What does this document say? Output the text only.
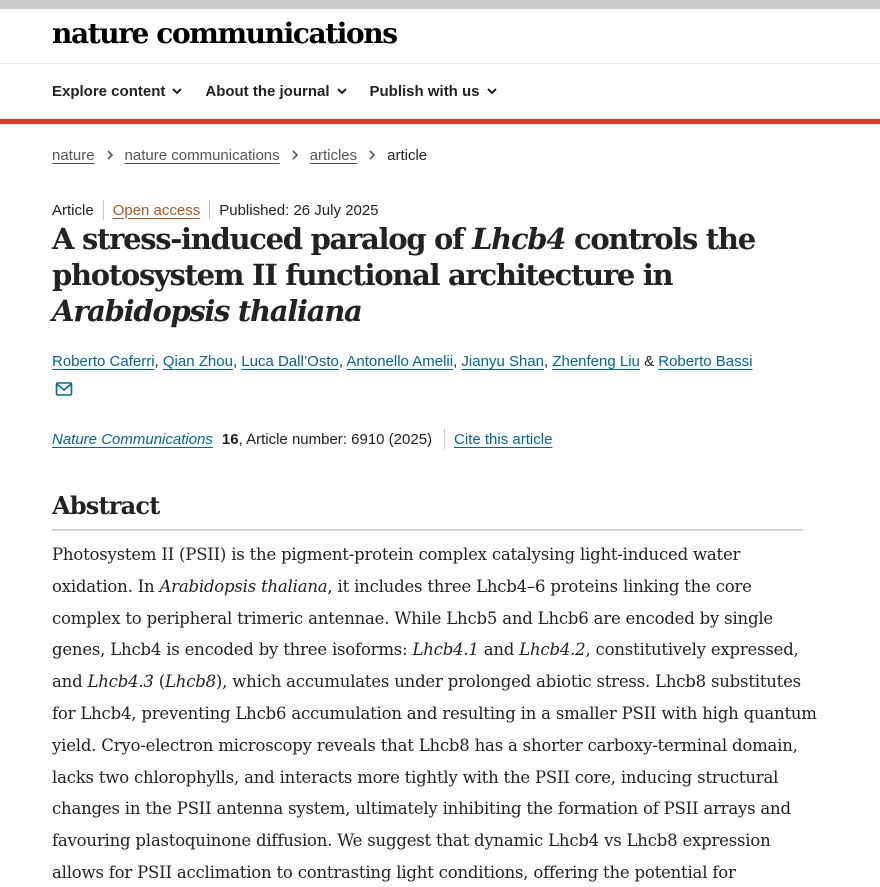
nature communications
Explore content	About the journal	Publish with us
nature nature communications articles article
Article Open access Published: 26 July 2025
A stress-induced paralog of Lhcb4 controls the photosystem II functional architecture in Arabidopsis thaliana
Roberto Caferri, Qian Zhou, Luca Dall’Osto, Antonello Amelii, Jianyu Shan, Zhenfeng Liu & Roberto Bassi
Nature Communications 16 , Article number: 6910 (2025) Cite this article
Abstract
Photosystem II (PSII) is the pigment-protein complex catalysing light-induced water
oxidation. In Arabidopsis thaliana, it includes three Lhcb4–6 proteins linking the core
complex to peripheral trimeric antennae. While Lhcb5 and Lhcb6 are encoded by single
genes, Lhcb4 is encoded by three isoforms: Lhcb4.1 and Lhcb4.2, constitutively expressed,
and Lhcb4.3 (Lhcb8), which accumulates under prolonged abiotic stress. Lhcb8 substitutes
for Lhcb4, preventing Lhcb6 accumulation and resulting in a smaller PSII with high quantum
yield. Cryo-electron microscopy reveals that Lhcb8 has a shorter carboxy-terminal domain,
lacks two chlorophylls, and interacts more tightly with the PSII core, inducing structural
changes in the PSII antenna system, ultimately inhibiting the formation of PSII arrays and
favouring plastoquinone diffusion. We suggest that dynamic Lhcb4 vs Lhcb8 expression
allows for PSII acclimation to contrasting light conditions, offering the potential for
